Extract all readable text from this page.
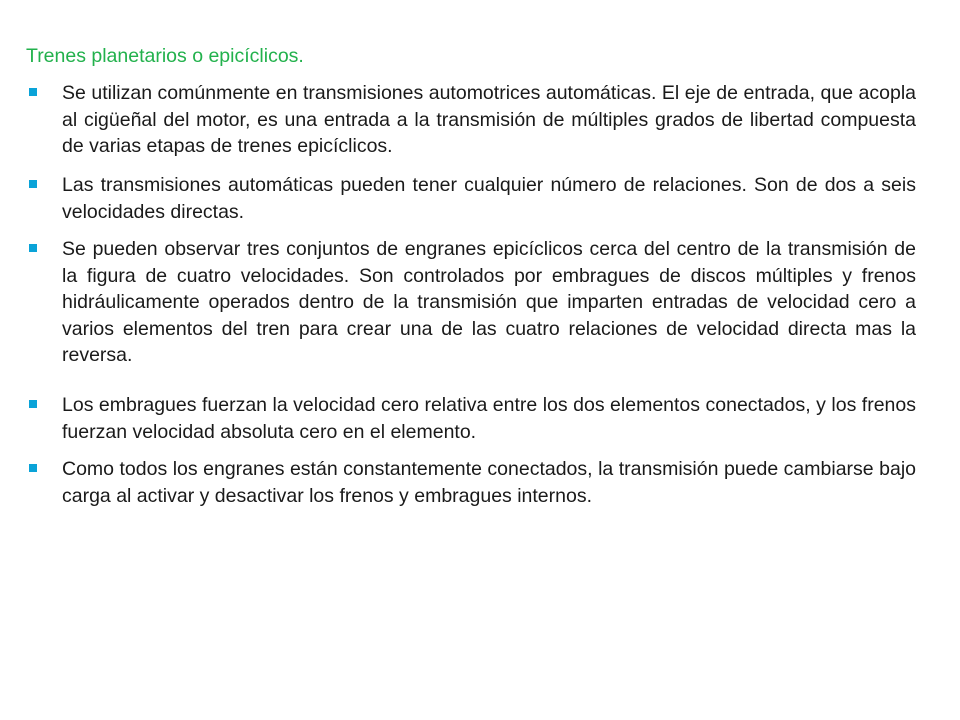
Trenes planetarios o epicíclicos.
Se utilizan comúnmente en transmisiones automotrices automáticas. El eje de entrada, que acopla al cigüeñal del motor, es una entrada a la transmisión de múltiples grados de libertad compuesta de varias etapas de trenes epicíclicos.
Las transmisiones automáticas pueden tener cualquier número de relaciones. Son de dos a seis velocidades directas.
Se pueden observar tres conjuntos de engranes epicíclicos cerca del centro de la transmisión de la figura de cuatro velocidades. Son controlados por embragues de discos múltiples y frenos hidráulicamente operados dentro de la transmisión que imparten entradas de velocidad cero a varios elementos del tren para crear una de las cuatro relaciones de velocidad directa mas la reversa.
Los embragues fuerzan la velocidad cero relativa entre los dos elementos conectados, y los frenos fuerzan velocidad absoluta cero en el elemento.
Como todos los engranes están constantemente conectados, la transmisión puede cambiarse bajo carga al activar y desactivar los frenos y embragues internos.
